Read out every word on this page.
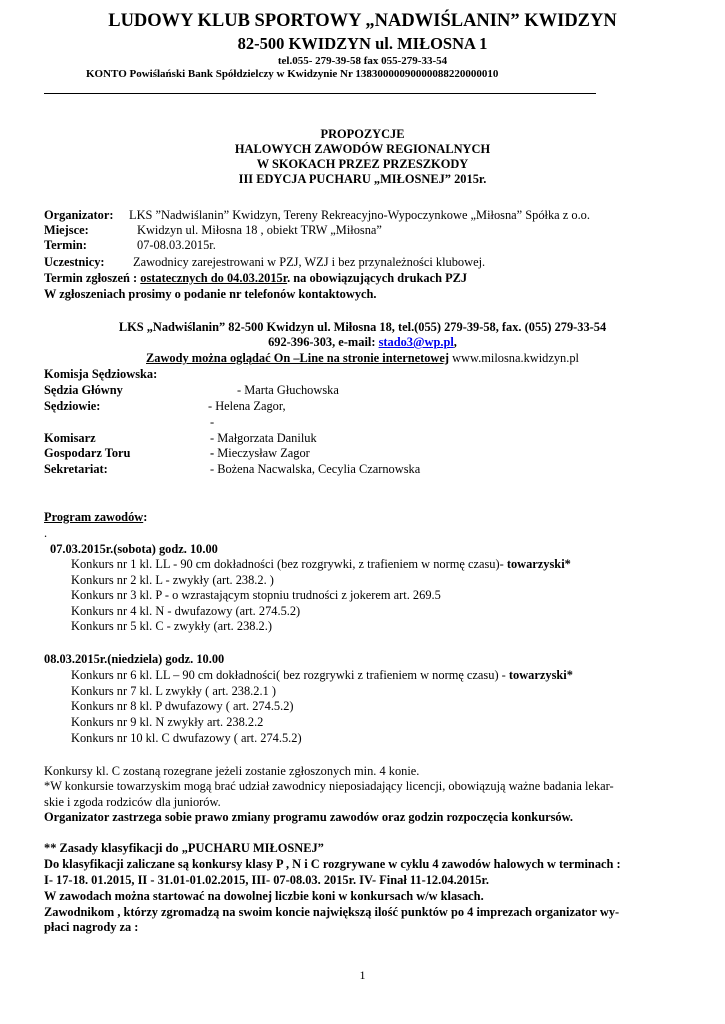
LUDOWY KLUB SPORTOWY „NADWIŚLANIN” KWIDZYN
82-500 KWIDZYN ul. MIŁOSNA 1
tel.055- 279-39-58 fax 055-279-33-54
KONTO Powiślański Bank Spółdzielczy w Kwidzynie Nr 13830000090000088220000010
PROPOZYCJE
HALOWYCH ZAWODÓW REGIONALNYCH
W SKOKACH PRZEZ PRZESZKODY
III EDYCJA PUCHARU „MIŁOSNEJ” 2015r.
Organizator: LKS ”Nadwiślanin” Kwidzyn, Tereny Rekreacyjno-Wypoczynkowe „Miłosna” Spółka z o.o.
Miejsce:	Kwidzyn ul. Miłosna 18 , obiekt TRW „Miłosna”
Termin:	07-08.03.2015r.
Uczestnicy: Zawodnicy zarejestrowani w PZJ, WZJ i bez przynależności klubowej.
Termin zgłoszeń : ostatecznych do 04.03.2015r. na obowiązujących drukach PZJ
W zgłoszeniach prosimy o podanie nr telefonów kontaktowych.
LKS „Nadwiślanin” 82-500 Kwidzyn ul. Miłosna 18, tel.(055) 279-39-58, fax. (055) 279-33-54
692-396-303, e-mail: stado3@wp.pl,
Zawody można oglądać On –Line na stronie internetowej www.milosna.kwidzyn.pl
Komisja Sędziowska:
Sędzia Główny	- Marta Głuchowska
Sędziowie:	- Helena Zagor,
-
Komisarz	- Małgorzata Daniluk
Gospodarz Toru	- Mieczysław Zagor
Sekretariat:	- Bożena Nacwalska, Cecylia Czarnowska
Program zawodów:
.
07.03.2015r.(sobota) godz. 10.00
Konkurs nr 1 kl. LL - 90 cm dokładności (bez rozgrywki, z trafieniem w normę czasu)- towarzyski*
Konkurs nr 2 kl. L - zwykły (art. 238.2. )
Konkurs nr 3 kl. P - o wzrastającym stopniu trudności z jokerem art. 269.5
Konkurs nr 4 kl. N - dwufazowy (art. 274.5.2)
Konkurs nr 5 kl. C - zwykły (art. 238.2.)
08.03.2015r.(niedziela) godz. 10.00
Konkurs nr 6 kl. LL – 90 cm dokładności( bez rozgrywki z trafieniem w normę czasu) - towarzyski*
Konkurs nr 7 kl. L zwykły ( art. 238.2.1 )
Konkurs nr 8 kl. P dwufazowy ( art. 274.5.2)
Konkurs nr 9 kl. N zwykły art. 238.2.2
Konkurs nr 10 kl. C dwufazowy ( art. 274.5.2)
Konkursy kl. C zostaną rozegrane jeżeli zostanie zgłoszonych min. 4 konie.
*W konkursie towarzyskim mogą brać udział zawodnicy nieposiadający licencji, obowiązują ważne badania lekar-
skie i zgoda rodziców dla juniorów.
Organizator zastrzega sobie prawo zmiany programu zawodów oraz godzin rozpoczęcia konkursów.
** Zasady klasyfikacji do „PUCHARU MIŁOSNEJ”
Do klasyfikacji zaliczane są konkursy klasy P , N i C rozgrywane w cyklu 4 zawodów halowych w terminach :
I- 17-18. 01.2015, II - 31.01-01.02.2015, III- 07-08.03. 2015r. IV- Finał 11-12.04.2015r.
W zawodach można startować na dowolnej liczbie koni w konkursach w/w klasach.
Zawodnikom , którzy zgromadzą na swoim koncie największą ilość punktów po 4 imprezach organizator wy-
płaci nagrody za :
1
